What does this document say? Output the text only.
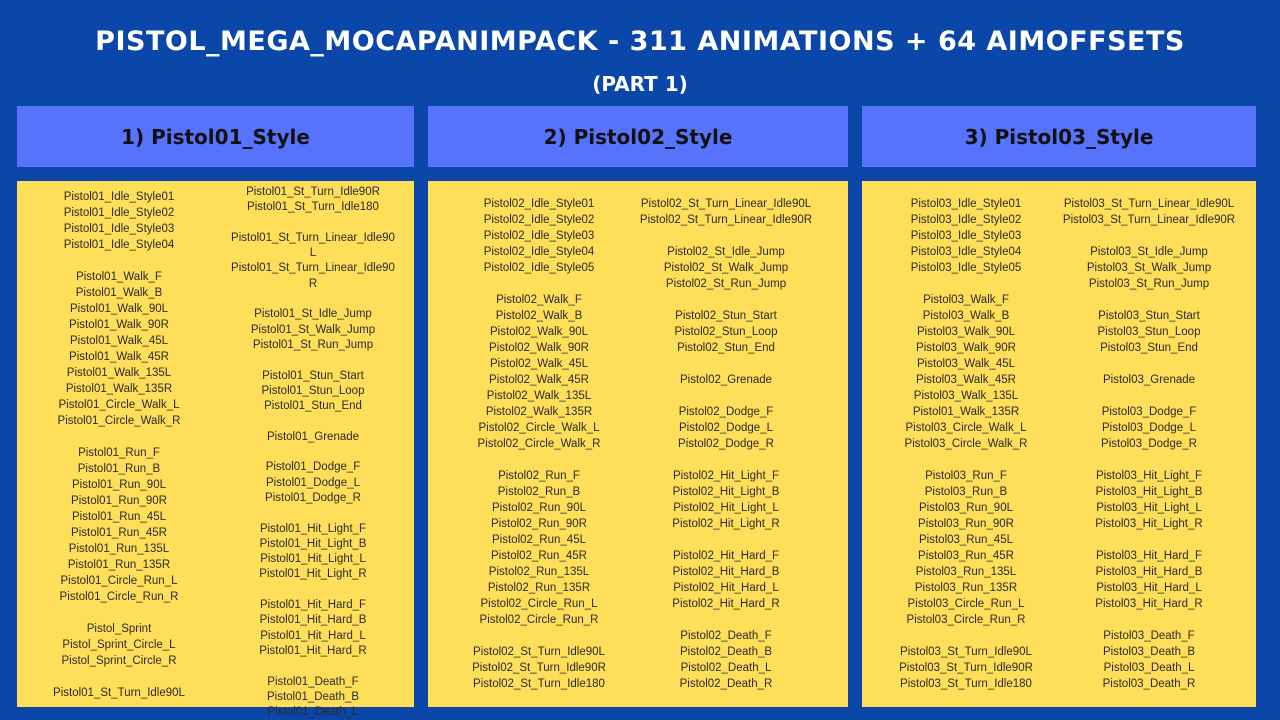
PISTOL_MEGA_MOCAPANIMPACK - 311 ANIMATIONS + 64 AIMOFFSETS
(PART 1)
1) Pistol01_Style	2) Pistol02_Style	3) Pistol03_Style
Pistol01_Idle_Style01
Pistol01_Idle_Style02
Pistol01_Idle_Style03
Pistol01_Idle_Style04
Pistol01_Walk_F
Pistol01_Walk_B
Pistol01_Walk_90L
Pistol01_Walk_90R
Pistol01_Walk_45L
Pistol01_Walk_45R
Pistol01_Walk_135L
Pistol01_Walk_135R
Pistol01_Circle_Walk_L
Pistol01_Circle_Walk_R
Pistol01_Run_F
Pistol01_Run_B
Pistol01_Run_90L
Pistol01_Run_90R
Pistol01_Run_45L
Pistol01_Run_45R
Pistol01_Run_135L
Pistol01_Run_135R
Pistol01_Circle_Run_L
Pistol01_Circle_Run_R
Pistol_Sprint
Pistol_Sprint_Circle_L
Pistol_Sprint_Circle_R
Pistol01_St_Turn_Idle90L
Pistol01_St_Turn_Idle90R
Pistol01_St_Turn_Idle180
Pistol01_St_Turn_Linear_Idle90
L
Pistol01_St_Turn_Linear_Idle90
R
Pistol01_St_Idle_Jump
Pistol01_St_Walk_Jump
Pistol01_St_Run_Jump
Pistol01_Stun_Start
Pistol01_Stun_Loop
Pistol01_Stun_End
Pistol01_Grenade
Pistol01_Dodge_F
Pistol01_Dodge_L
Pistol01_Dodge_R
Pistol01_Hit_Light_F
Pistol01_Hit_Light_B
Pistol01_Hit_Light_L
Pistol01_Hit_Light_R
Pistol01_Hit_Hard_F
Pistol01_Hit_Hard_B
Pistol01_Hit_Hard_L
Pistol01_Hit_Hard_R
Pistol01_Death_F
Pistol01_Death_B
Pistol01_Death_L
Pistol02_Idle_Style01
Pistol02_Idle_Style02
Pistol02_Idle_Style03
Pistol02_Idle_Style04
Pistol02_Idle_Style05
Pistol02_Walk_F
Pistol02_Walk_B
Pistol02_Walk_90L
Pistol02_Walk_90R
Pistol02_Walk_45L
Pistol02_Walk_45R
Pistol02_Walk_135L
Pistol02_Walk_135R
Pistol02_Circle_Walk_L
Pistol02_Circle_Walk_R
Pistol02_Run_F
Pistol02_Run_B
Pistol02_Run_90L
Pistol02_Run_90R
Pistol02_Run_45L
Pistol02_Run_45R
Pistol02_Run_135L
Pistol02_Run_135R
Pistol02_Circle_Run_L
Pistol02_Circle_Run_R
Pistol02_St_Turn_Idle90L
Pistol02_St_Turn_Idle90R
Pistol02_St_Turn_Idle180
Pistol02_St_Turn_Linear_Idle90L
Pistol02_St_Turn_Linear_Idle90R
Pistol02_St_Idle_Jump
Pistol02_St_Walk_Jump
Pistol02_St_Run_Jump
Pistol02_Stun_Start
Pistol02_Stun_Loop
Pistol02_Stun_End
Pistol02_Grenade
Pistol02_Dodge_F
Pistol02_Dodge_L
Pistol02_Dodge_R
Pistol02_Hit_Light_F
Pistol02_Hit_Light_B
Pistol02_Hit_Light_L
Pistol02_Hit_Light_R
Pistol02_Hit_Hard_F
Pistol02_Hit_Hard_B
Pistol02_Hit_Hard_L
Pistol02_Hit_Hard_R
Pistol02_Death_F
Pistol02_Death_B
Pistol02_Death_L
Pistol02_Death_R
Pistol03_Idle_Style01
Pistol03_Idle_Style02
Pistol03_Idle_Style03
Pistol03_Idle_Style04
Pistol03_Idle_Style05
Pistol03_Walk_F
Pistol03_Walk_B
Pistol03_Walk_90L
Pistol03_Walk_90R
Pistol03_Walk_45L
Pistol03_Walk_45R
Pistol03_Walk_135L
Pistol01_Walk_135R
Pistol03_Circle_Walk_L
Pistol03_Circle_Walk_R
Pistol03_Run_F
Pistol03_Run_B
Pistol03_Run_90L
Pistol03_Run_90R
Pistol03_Run_45L
Pistol03_Run_45R
Pistol03_Run_135L
Pistol03_Run_135R
Pistol03_Circle_Run_L
Pistol03_Circle_Run_R
Pistol03_St_Turn_Idle90L
Pistol03_St_Turn_Idle90R
Pistol03_St_Turn_Idle180
Pistol03_St_Turn_Linear_Idle90L
Pistol03_St_Turn_Linear_Idle90R
Pistol03_St_Idle_Jump
Pistol03_St_Walk_Jump
Pistol03_St_Run_Jump
Pistol03_Stun_Start
Pistol03_Stun_Loop
Pistol03_Stun_End
Pistol03_Grenade
Pistol03_Dodge_F
Pistol03_Dodge_L
Pistol03_Dodge_R
Pistol03_Hit_Light_F
Pistol03_Hit_Light_B
Pistol03_Hit_Light_L
Pistol03_Hit_Light_R
Pistol03_Hit_Hard_F
Pistol03_Hit_Hard_B
Pistol03_Hit_Hard_L
Pistol03_Hit_Hard_R
Pistol03_Death_F
Pistol03_Death_B
Pistol03_Death_L
Pistol03_Death_R
